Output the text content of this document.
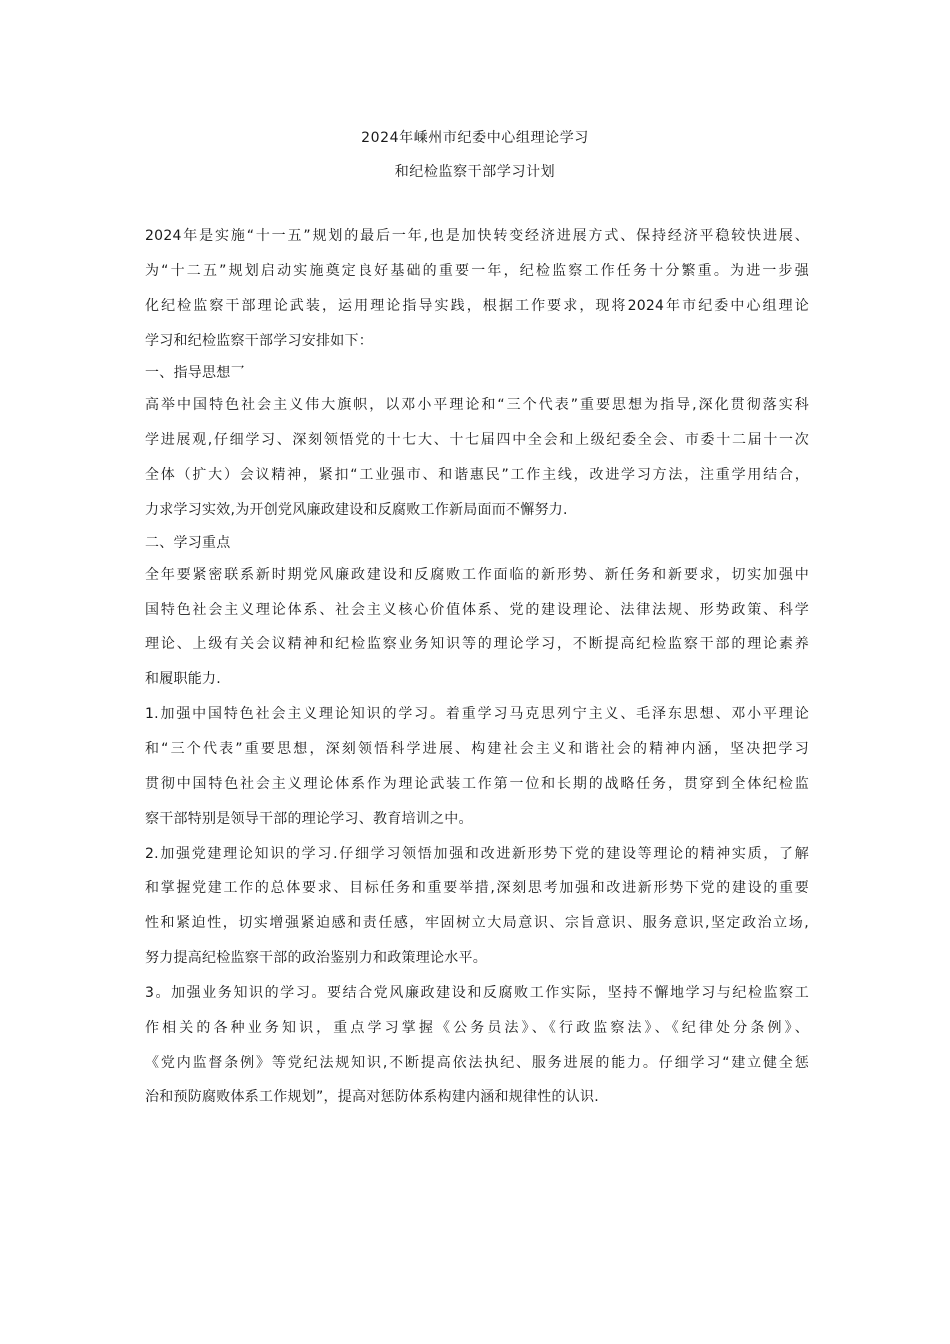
2024年嵊州市纪委中心组理论学习
和纪检监察干部学习计划
2024年是实施“十一五”规划的最后一年,也是加快转变经济进展方式、保持经济平稳较快进展、
为“十二五”规划启动实施奠定良好基础的重要一年，纪检监察工作任务十分繁重。为进一步强
化纪检监察干部理论武装，运用理论指导实践，根据工作要求，现将2024年市纪委中心组理论
学习和纪检监察干部学习安排如下：
一、指导思想乛
高举中国特色社会主义伟大旗帜，以邓小平理论和“三个代表”重要思想为指导,深化贯彻落实科
学进展观,仔细学习、深刻领悟党的十七大、十七届四中全会和上级纪委全会、市委十二届十一次
全体（扩大）会议精神，紧扣“工业强市、和谐惠民”工作主线，改进学习方法，注重学用结合，
力求学习实效,为开创党风廉政建设和反腐败工作新局面而不懈努力.
二、学习重点
全年要紧密联系新时期党风廉政建设和反腐败工作面临的新形势、新任务和新要求，切实加强中
国特色社会主义理论体系、社会主义核心价值体系、党的建设理论、法律法规、形势政策、科学
理论、上级有关会议精神和纪检监察业务知识等的理论学习，不断提高纪检监察干部的理论素养
和履职能力.
1.加强中国特色社会主义理论知识的学习。着重学习马克思列宁主义、毛泽东思想、邓小平理论
和“三个代表”重要思想，深刻领悟科学进展、构建社会主义和谐社会的精神内涵，坚决把学习
贯彻中国特色社会主义理论体系作为理论武装工作第一位和长期的战略任务，贯穿到全体纪检监
察干部特别是领导干部的理论学习、教育培训之中。
2.加强党建理论知识的学习.仔细学习领悟加强和改进新形势下党的建设等理论的精神实质，了解
和掌握党建工作的总体要求、目标任务和重要举措,深刻思考加强和改进新形势下党的建设的重要
性和紧迫性，切实增强紧迫感和责任感，牢固树立大局意识、宗旨意识、服务意识,坚定政治立场,
努力提高纪检监察干部的政治鉴别力和政策理论水平。
3。加强业务知识的学习。要结合党风廉政建设和反腐败工作实际，坚持不懈地学习与纪检监察工
作相关的各种业务知识，重点学习掌握《公务员法》、《行政监察法》、《纪律处分条例》、
《党内监督条例》等党纪法规知识,不断提高依法执纪、服务进展的能力。仔细学习“建立健全惩
治和预防腐败体系工作规划”，提高对惩防体系构建内涵和规律性的认识.
